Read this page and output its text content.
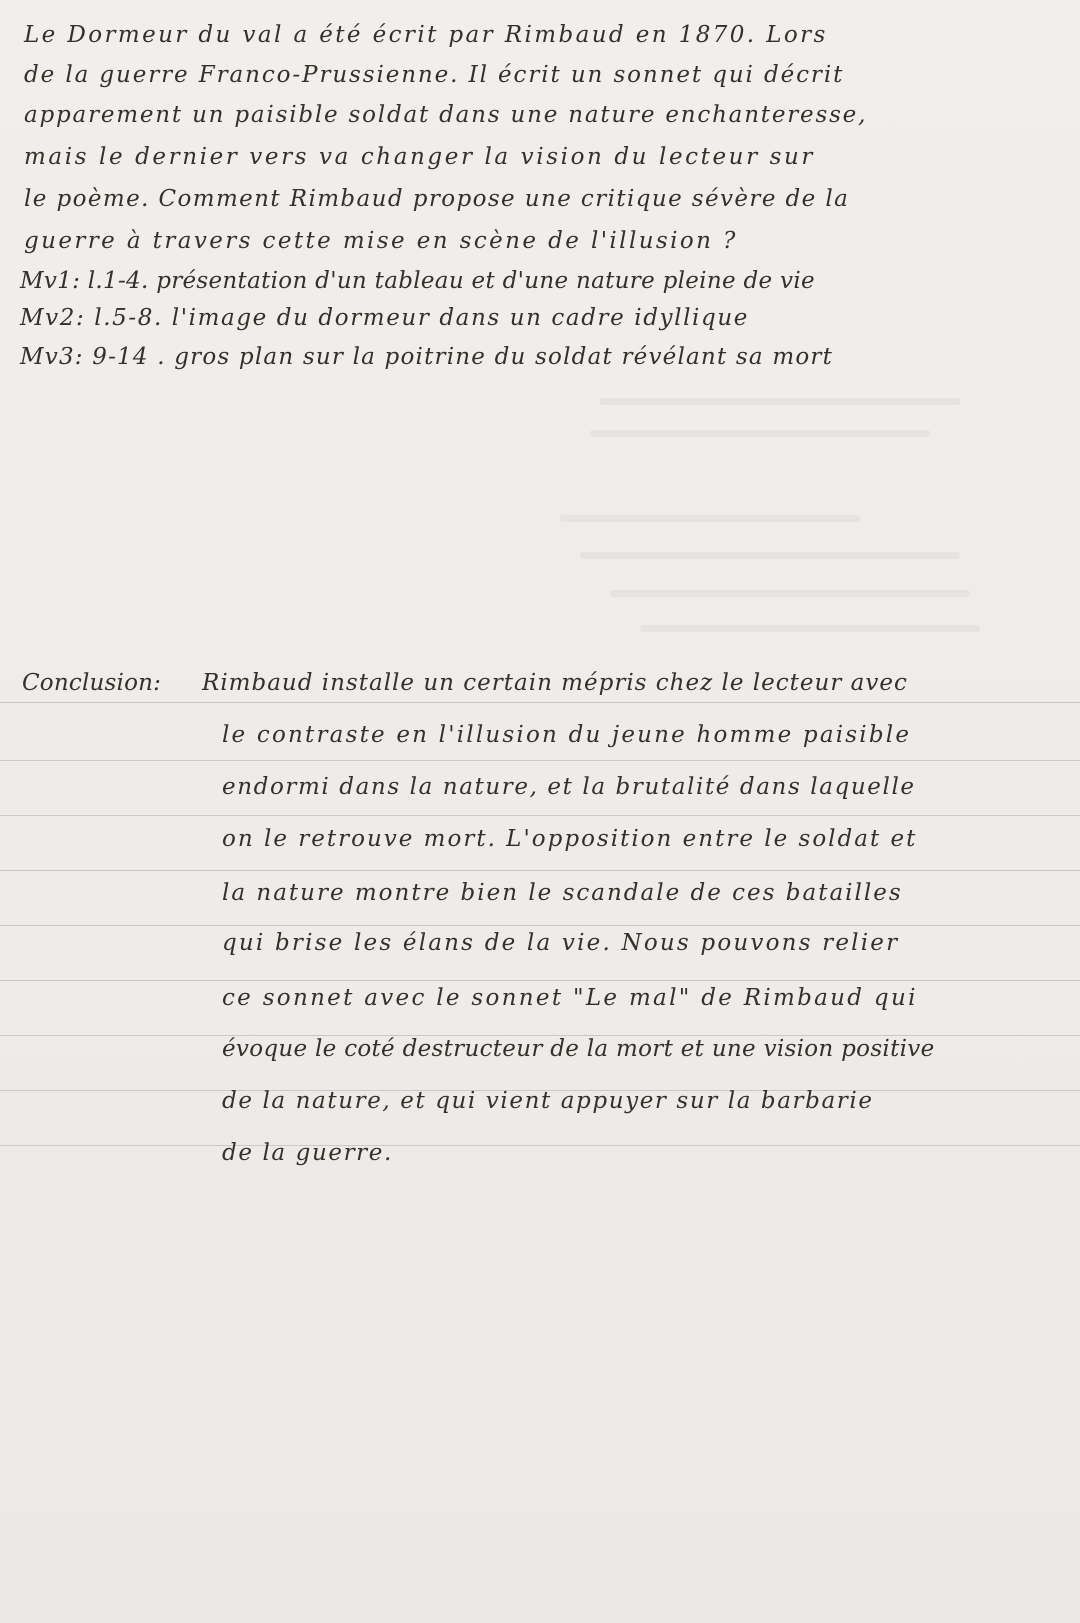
Le Dormeur du val a été écrit par Rimbaud en 1870. Lors

de la guerre Franco-Prussienne. Il écrit un sonnet qui décrit

apparement un paisible soldat dans une nature enchanteresse,

mais le dernier vers va changer la vision du lecteur sur

le poème. Comment Rimbaud propose une critique sévère de la

guerre à travers cette mise en scène de l'illusion ?

Mv1: l.1-4. présentation d'un tableau et d'une nature pleine de vie

Mv2: l.5-8. l'image du dormeur dans un cadre idyllique

Mv3: 9-14 . gros plan sur la poitrine du soldat révélant sa mort

Conclusion: Rimbaud installe un certain mépris chez le lecteur avec

le contraste en l'illusion du jeune homme paisible

endormi dans la nature, et la brutalité dans laquelle

on le retrouve mort. L'opposition entre le soldat et

la nature montre bien le scandale de ces batailles

qui brise les élans de la vie. Nous pouvons relier

ce sonnet avec le sonnet "Le mal" de Rimbaud qui

évoque le coté destructeur de la mort et une vision positive

de la nature, et qui vient appuyer sur la barbarie

de la guerre.
